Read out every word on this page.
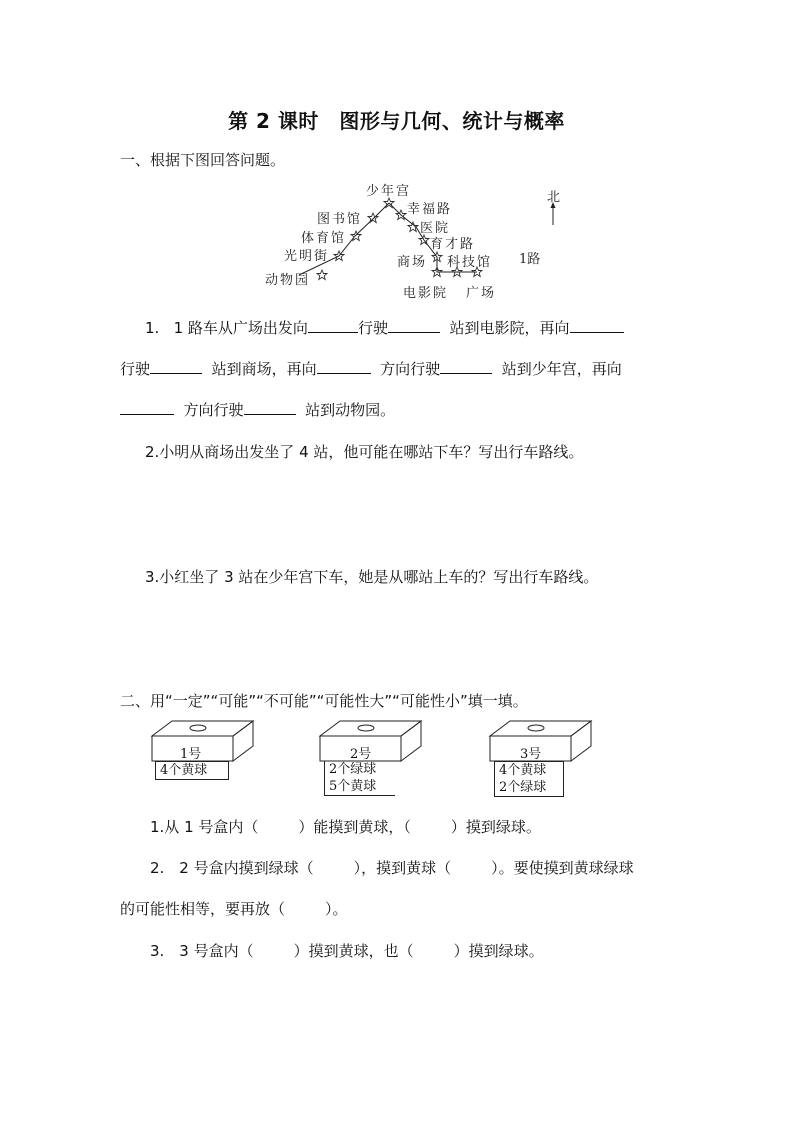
第 2 课时　图形与几何、统计与概率
一、根据下图回答问题。
少年宫
幸福路
医院
育才路
商场 科技馆
电影院 广场
图书馆
体育馆
光明街
动物园
北
1路
1. 1 路车从广场出发向	行驶	站到电影院，再向
行驶	站到商场，再向	方向行驶	站到少年宫，再向
方向行驶	站到动物园。
2.小明从商场出发坐了 4 站，他可能在哪站下车？写出行车路线。
3.小红坐了 3 站在少年宫下车，她是从哪站上车的？写出行车路线。
二、用“一定”“可能”“不可能”“可能性大”“可能性小”填一填。
1号
4个黄球
2号
2个绿球
5个黄球
3号
4个黄球
2个绿球
1.从 1 号盒内（	）能摸到黄球，（	）摸到绿球。
2.　2 号盒内摸到绿球（	），摸到黄球（	）。要使摸到黄球绿球
的可能性相等，要再放（	）。
3.　3 号盒内（	）摸到黄球，也（	）摸到绿球。
